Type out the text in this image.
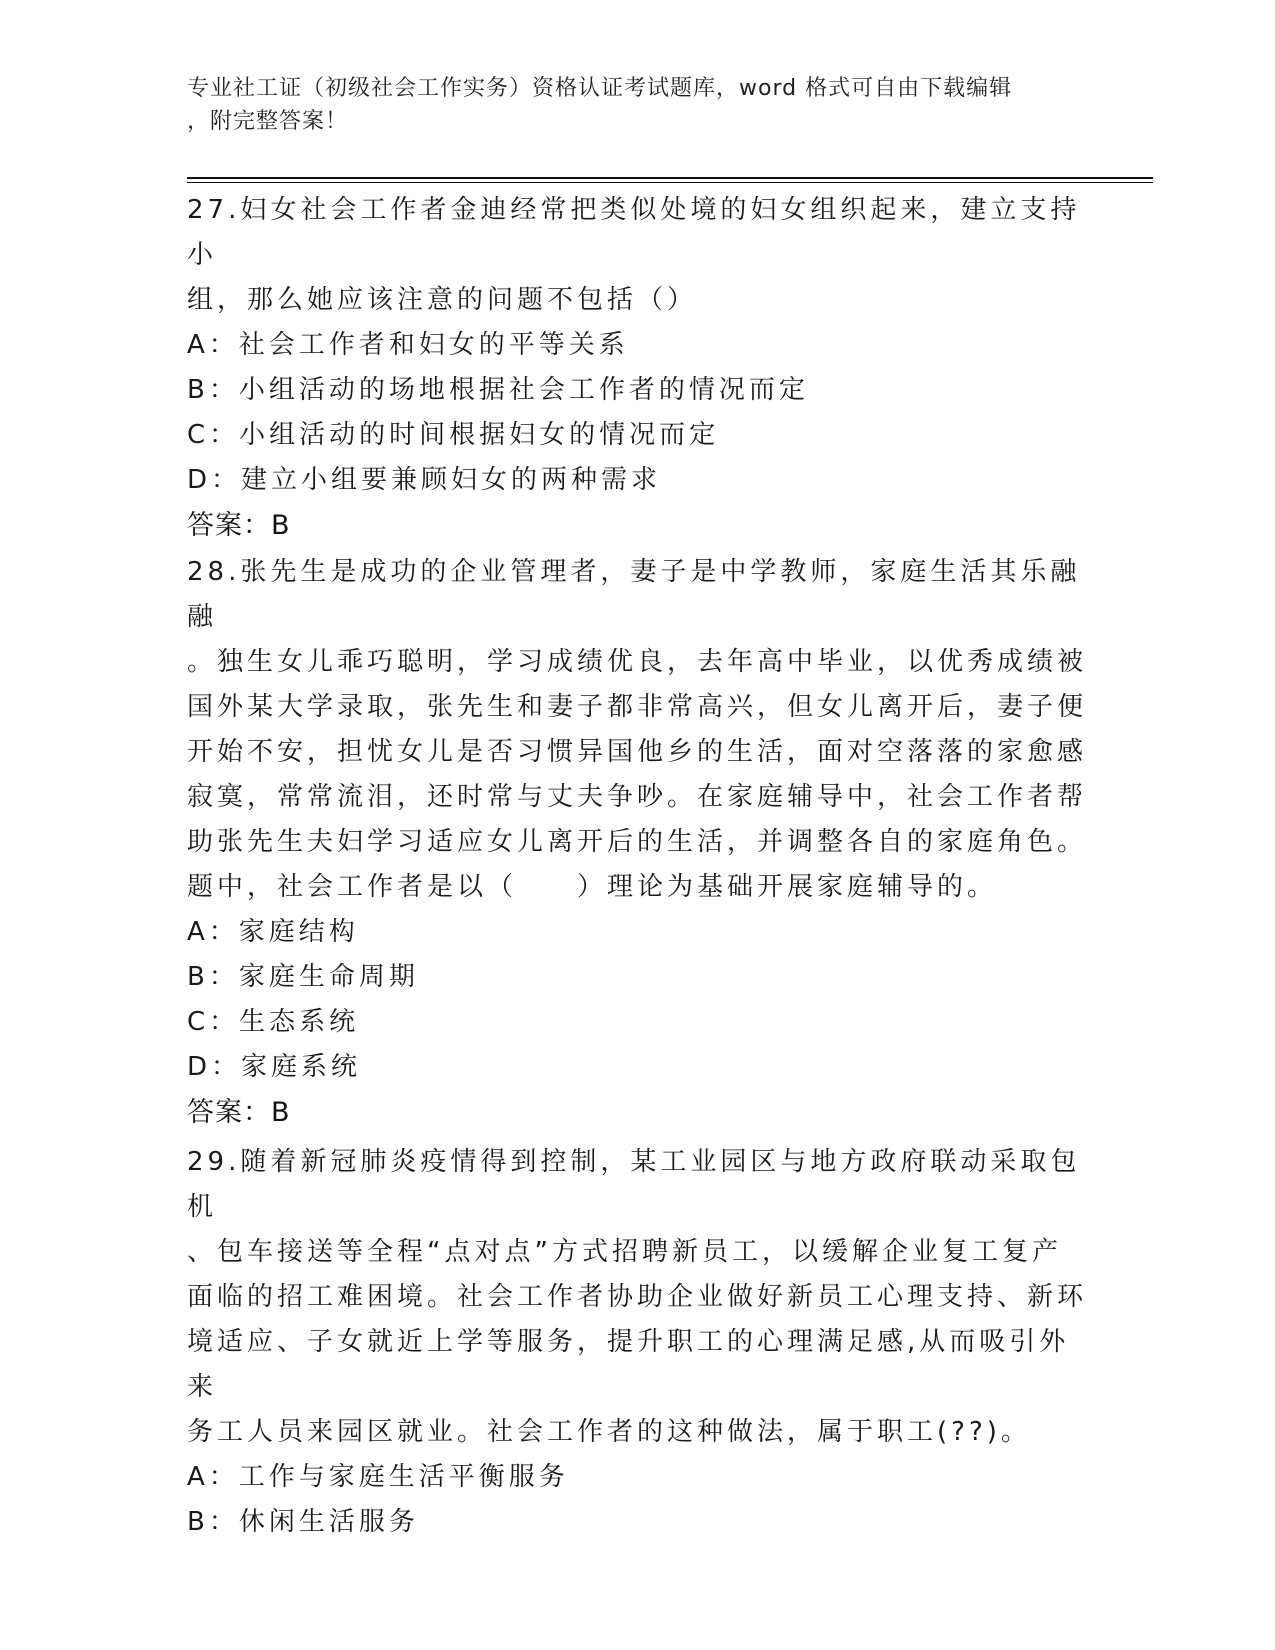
专业社工证（初级社会工作实务）资格认证考试题库，word 格式可自由下载编辑
，附完整答案！
27.妇女社会工作者金迪经常把类似处境的妇女组织起来，建立支持小
组，那么她应该注意的问题不包括（）
A：社会工作者和妇女的平等关系
B：小组活动的场地根据社会工作者的情况而定
C：小组活动的时间根据妇女的情况而定
D：建立小组要兼顾妇女的两种需求
答案：B
28.张先生是成功的企业管理者，妻子是中学教师，家庭生活其乐融融
。独生女儿乖巧聪明，学习成绩优良，去年高中毕业，以优秀成绩被
国外某大学录取，张先生和妻子都非常高兴，但女儿离开后，妻子便
开始不安，担忧女儿是否习惯异国他乡的生活，面对空落落的家愈感
寂寞，常常流泪，还时常与丈夫争吵。在家庭辅导中，社会工作者帮
助张先生夫妇学习适应女儿离开后的生活，并调整各自的家庭角色。
题中，社会工作者是以（　　）理论为基础开展家庭辅导的。
A：家庭结构
B：家庭生命周期
C：生态系统
D：家庭系统
答案：B
29.随着新冠肺炎疫情得到控制，某工业园区与地方政府联动采取包机
、包车接送等全程“点对点”方式招聘新员工，以缓解企业复工复产
面临的招工难困境。社会工作者协助企业做好新员工心理支持、新环
境适应、子女就近上学等服务，提升职工的心理满足感,从而吸引外来
务工人员来园区就业。社会工作者的这种做法，属于职工(??)。
A：工作与家庭生活平衡服务
B：休闲生活服务
